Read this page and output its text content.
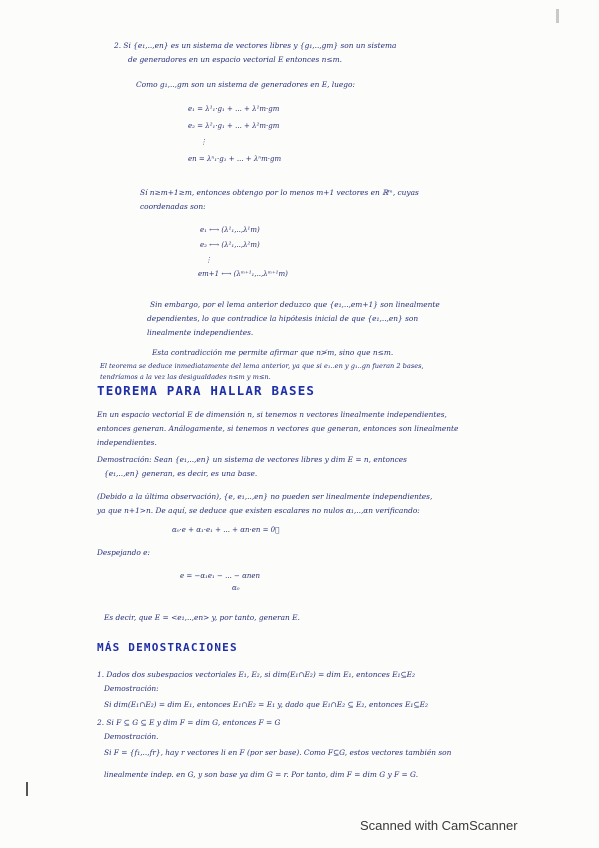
2. Si {e₁,..,en} es un sistema de vectores libres y {g₁,..,gm} son un sistema
de generadores en un espacio vectorial E entonces n≤m.
Como g₁,..,gm son un sistema de generadores en E, luego:
Sí n≥m+1≥m, entonces obtengo por lo menos m+1 vectores en ℝᵐ, cuyas
coordenadas son:
Sin embargo, por el lema anterior deduzco que {e₁,..,em+1} son linealmente
dependientes, lo que contradice la hipótesis inicial de que {e₁,..,en} son
linealmente independientes.
Esta contradicción me permite afirmar que n≯m, sino que n≤m.
El teorema se deduce inmediatamente del lema anterior, ya que si e₁..en y g₁..gn fueran 2 bases,
tendríamos a la vez las desigualdades n≤m y m≤n.
En un espacio vectorial E de dimensión n, si tenemos n vectores linealmente independientes,
entonces generan. Análogamente, si tenemos n vectores que generan, entonces son linealmente
independientes.
Demostración: Sean {e₁,..,en} un sistema de vectores libres y dim E = n, entonces
{e₁,..,en} generan, es decir, es una base.
(Debido a la última observación), {e, e₁,..,en} no pueden ser linealmente independientes,
ya que n+1>n. De aquí, se deduce que existen escalares no nulos α₁,..,αn verificando:
Despejando e:
Es decir, que E = <e₁,..,en> y, por tanto, generan E.
1. Dados dos subespacios vectoriales E₁, E₂, si dim(E₁∩E₂) = dim E₁, entonces E₁⊆E₂
Demostración:
Si dim(E₁∩E₂) = dim E₁, entonces E₁∩E₂ = E₁ y, dado que E₁∩E₂ ⊆ E₂, entonces E₁⊆E₂
2. Si F ⊆ G ⊆ E y dim F = dim G, entonces F = G
Demostración.
Si F = {f₁,..,fr}, hay r vectores li en F (por ser base). Como F⊆G, estos vectores también son
linealmente indep. en G, y son base ya dim G = r. Por tanto, dim F = dim G y F = G.
e₁ = λ¹₁·g₁ + ... + λ¹m·gm
e₂ = λ²₁·g₁ + ... + λ²m·gm
⋮
en = λⁿ₁·g₁ + ... + λⁿm·gm
e₁ ⟷ (λ¹₁,..,λ¹m)
e₂ ⟷ (λ²₁,..,λ²m)
⋮
em+1 ⟷ (λᵐ⁺¹₁,..,λᵐ⁺¹m)
α₀·e + α₁·e₁ + ... + αn·en = 0⃗
e = −α₁e₁ − ... − αnen
α₀
TEOREMA PARA HALLAR BASES
MÁS DEMOSTRACIONES
Scanned with CamScanner
